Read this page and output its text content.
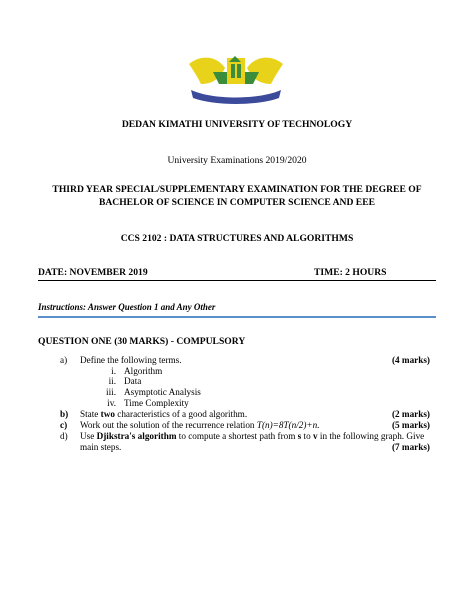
DEDAN KIMATHI UNIVERSITY OF TECHNOLOGY
University Examinations 2019/2020
THIRD YEAR SPECIAL/SUPPLEMENTARY EXAMINATION FOR THE DEGREE OF
BACHELOR OF SCIENCE IN COMPUTER SCIENCE AND EEE
CCS 2102 : DATA STRUCTURES AND ALGORITHMS
DATE: NOVEMBER 2019	TIME: 2 HOURS
Instructions: Answer Question 1 and Any Other
QUESTION ONE (30 MARKS) - COMPULSORY
a) Define the following terms.	(4 marks)
i. Algorithm
ii. Data
iii. Asymptotic Analysis
iv. Time Complexity
b) State two characteristics of a good algorithm.	(2 marks)
c) Work out the solution of the recurrence relation T(n)=8T(n/2)+n.	(5 marks)
d) Use Djikstra's algorithm to compute a shortest path from s to v in the following graph. Give
main steps.	(7 marks)
